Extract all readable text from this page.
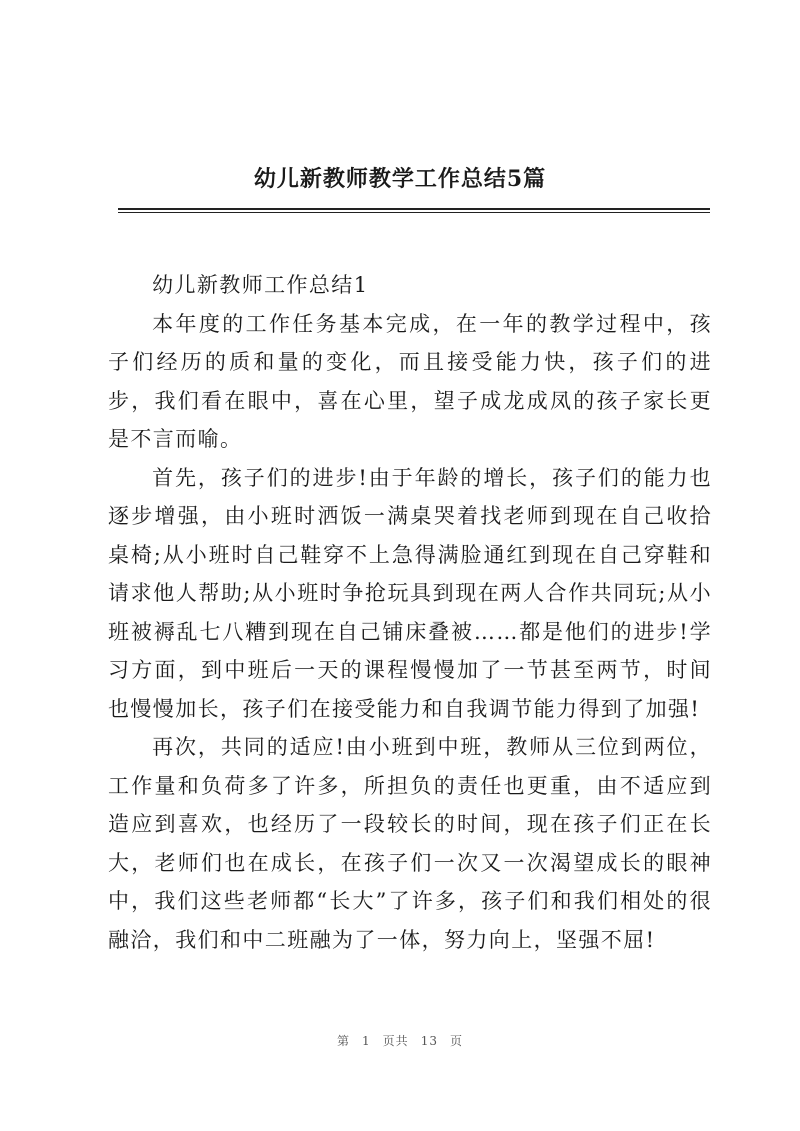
幼儿新教师教学工作总结5篇

幼儿新教师工作总结1

本年度的工作任务基本完成，在一年的教学过程中，孩子们经历的质和量的变化，而且接受能力快，孩子们的进步，我们看在眼中，喜在心里，望子成龙成凤的孩子家长更是不言而喻。

首先，孩子们的进步!由于年龄的增长，孩子们的能力也逐步增强，由小班时洒饭一满桌哭着找老师到现在自己收拾桌椅;从小班时自己鞋穿不上急得满脸通红到现在自己穿鞋和请求他人帮助;从小班时争抢玩具到现在两人合作共同玩;从小班被褥乱七八糟到现在自己铺床叠被……都是他们的进步!学习方面，到中班后一天的课程慢慢加了一节甚至两节，时间也慢慢加长，孩子们在接受能力和自我调节能力得到了加强!

再次，共同的适应!由小班到中班，教师从三位到两位，工作量和负荷多了许多，所担负的责任也更重，由不适应到造应到喜欢，也经历了一段较长的时间，现在孩子们正在长大，老师们也在成长，在孩子们一次又一次渴望成长的眼神中，我们这些老师都“长大”了许多，孩子们和我们相处的很融洽，我们和中二班融为了一体，努力向上，坚强不屈!

第 1 页共 13 页
